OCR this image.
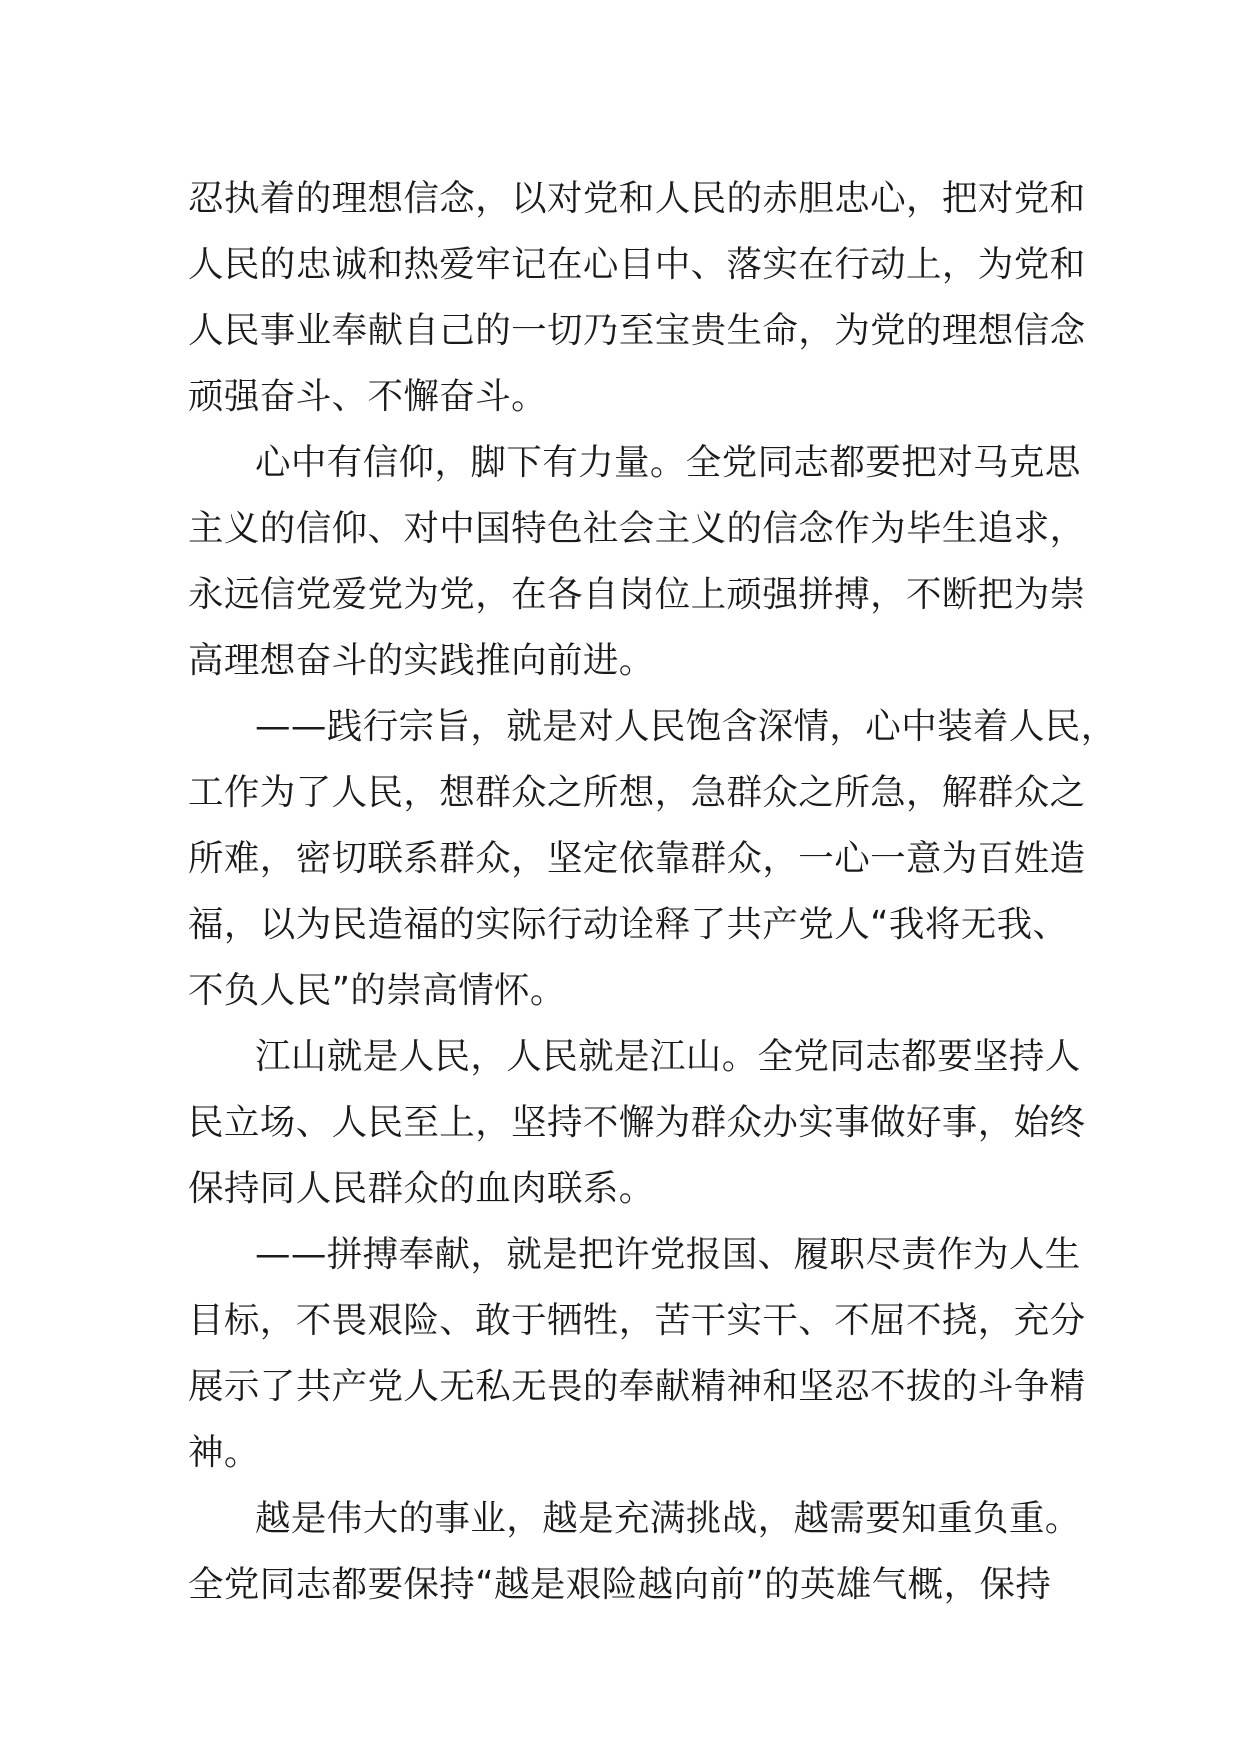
忍执着的理想信念，以对党和人民的赤胆忠心，把对党和
人民的忠诚和热爱牢记在心目中、落实在行动上，为党和
人民事业奉献自己的一切乃至宝贵生命，为党的理想信念
顽强奋斗、不懈奋斗。
心中有信仰，脚下有力量。全党同志都要把对马克思
主义的信仰、对中国特色社会主义的信念作为毕生追求，
永远信党爱党为党，在各自岗位上顽强拼搏，不断把为崇
高理想奋斗的实践推向前进。
——践行宗旨，就是对人民饱含深情，心中装着人民，
工作为了人民，想群众之所想，急群众之所急，解群众之
所难，密切联系群众，坚定依靠群众，一心一意为百姓造
福，以为民造福的实际行动诠释了共产党人“我将无我、
不负人民”的崇高情怀。
江山就是人民，人民就是江山。全党同志都要坚持人
民立场、人民至上，坚持不懈为群众办实事做好事，始终
保持同人民群众的血肉联系。
——拼搏奉献，就是把许党报国、履职尽责作为人生
目标，不畏艰险、敢于牺牲，苦干实干、不屈不挠，充分
展示了共产党人无私无畏的奉献精神和坚忍不拔的斗争精
神。
越是伟大的事业，越是充满挑战，越需要知重负重。
全党同志都要保持“越是艰险越向前”的英雄气概，保持
